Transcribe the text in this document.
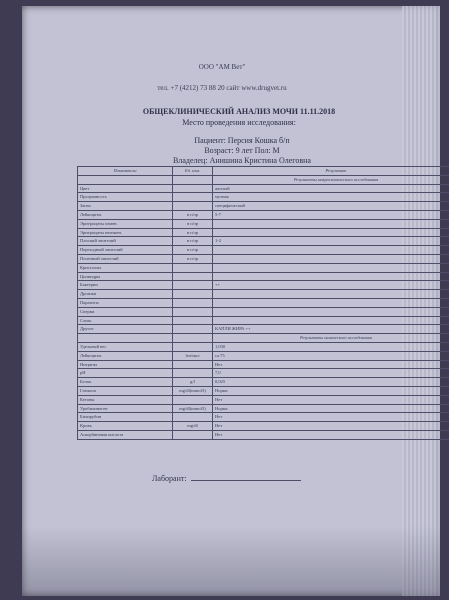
ООО "АМ Вет"
тел. +7 (4212) 73 88 20 сайт www.drugvet.ru
ОБЩЕКЛИНИЧЕСКИЙ АНАЛИЗ МОЧИ 11.11.2018
Место проведения исследования:
Пациент: Персия Кошка б/п
Возраст: 9 лет Пол: М
Владелец: Анишина Кристина Олеговна
Показатели	Ед. изм.	Результат
		Результаты макроскопического исследования
Цвет		желтый
Прозрачность		мутная
Запах		специфический
Лейкоциты	в п/зр	5-7
Эритроциты измен.	в п/зр	
Эритроциты неизмен.	в п/зр	
Плоский эпителий	в п/зр	1-2
Переходный эпителий	в п/зр	
Почечный эпителий	в п/зр	
Кристаллы		
Цилиндры		
Бактерии		++
Дрожжи		
Паразиты		
Сперма		
Слизь		
Другое		КАПЛИ ЖИРА ++
		Результаты химического исследования
Удельный вес		1,030
Лейкоциты	leu/мкл	ca.75
Нитриты		Нет
pH		7,0
Белок	g/l	0,025
Глюкоза	mg/dl(mmol/l)	Норма
Кетоны		Нет
Уробилиноген	mg/dl(mmol/l)	Норма
Билирубин		Нет
Кровь	mg/dl	Нет
Аскорбиновая кислота		Нет
Лаборант:
